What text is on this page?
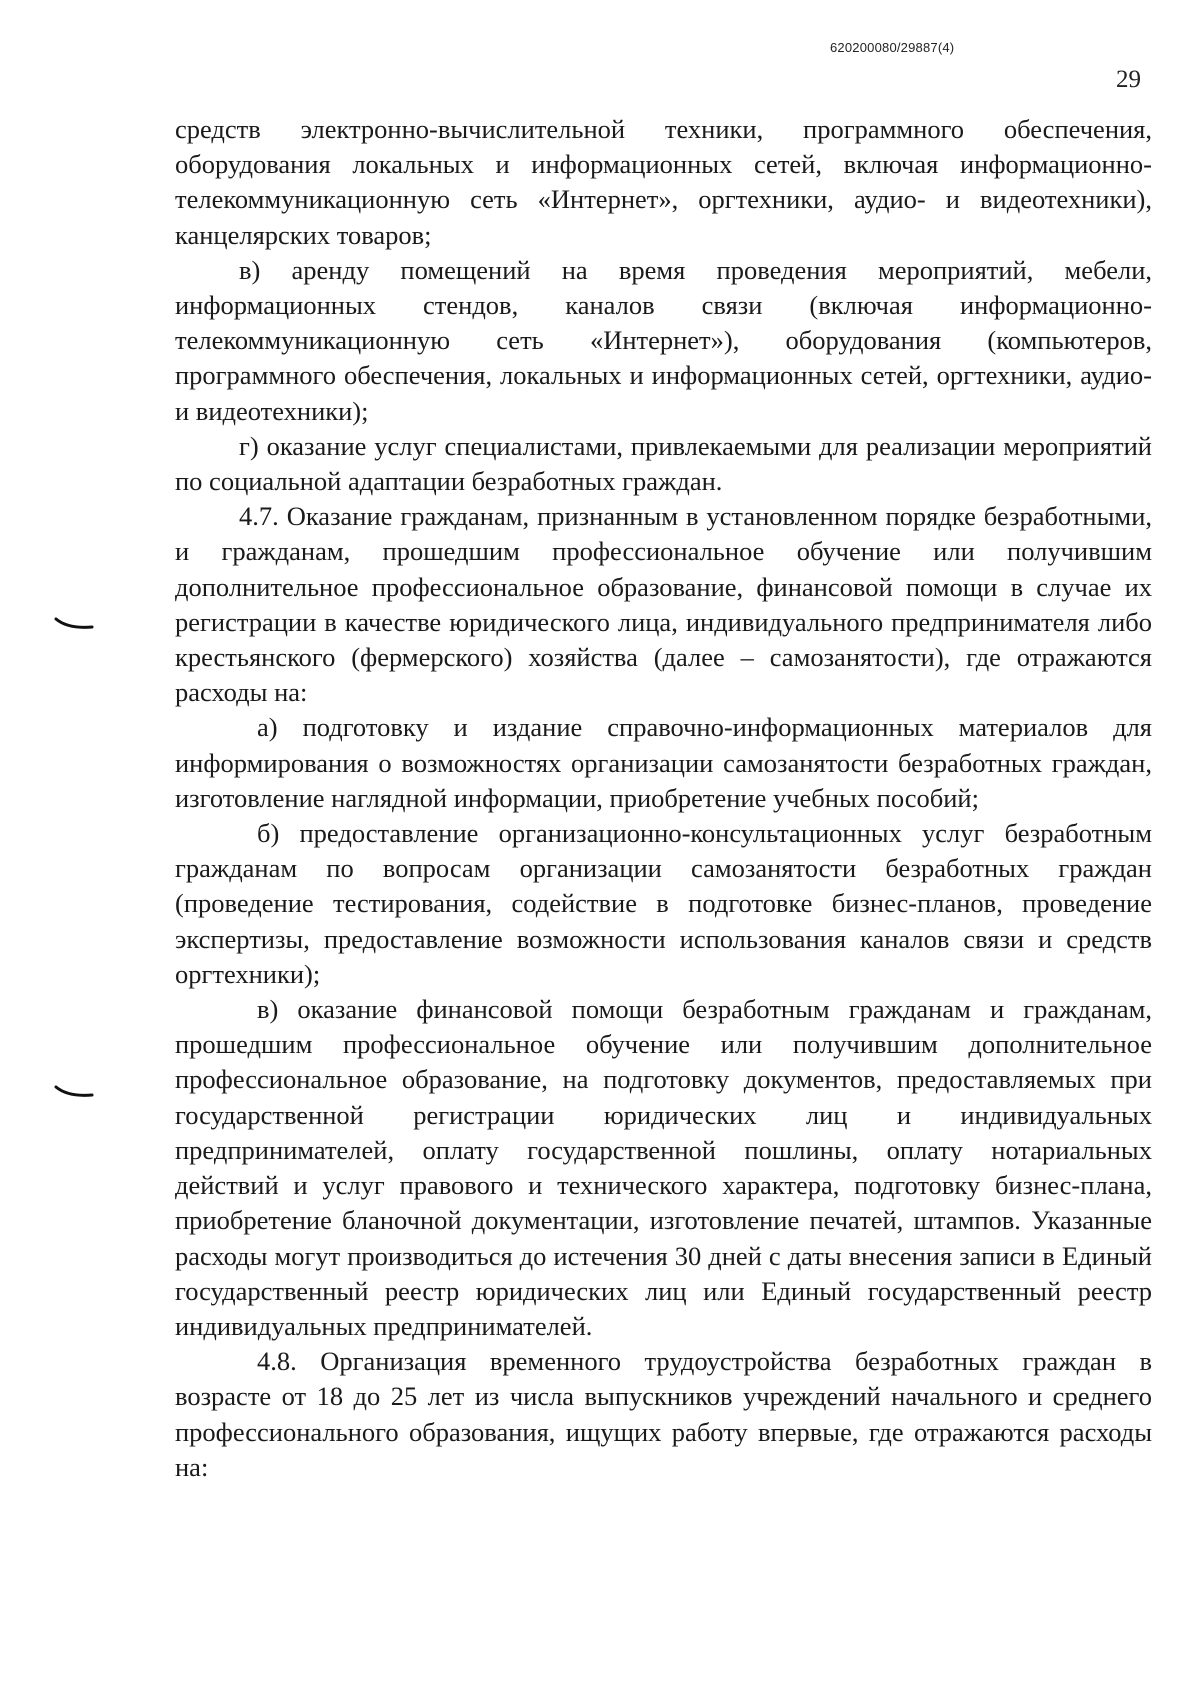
620200080/29887(4)
29

средств электронно-вычислительной техники, программного обеспечения, оборудования локальных и информационных сетей, включая информационно-телекоммуникационную сеть «Интернет», оргтехники, аудио- и видеотехники), канцелярских товаров;

в) аренду помещений на время проведения мероприятий, мебели, информационных стендов, каналов связи (включая информационно-телекоммуникационную сеть «Интернет»), оборудования (компьютеров, программного обеспечения, локальных и информационных сетей, оргтехники, аудио- и видеотехники);

г) оказание услуг специалистами, привлекаемыми для реализации мероприятий по социальной адаптации безработных граждан.

4.7. Оказание гражданам, признанным в установленном порядке безработными, и гражданам, прошедшим профессиональное обучение или получившим дополнительное профессиональное образование, финансовой помощи в случае их регистрации в качестве юридического лица, индивидуального предпринимателя либо крестьянского (фермерского) хозяйства (далее – самозанятости), где отражаются расходы на:

а) подготовку и издание справочно-информационных материалов для информирования о возможностях организации самозанятости безработных граждан, изготовление наглядной информации, приобретение учебных пособий;

б) предоставление организационно-консультационных услуг безработным гражданам по вопросам организации самозанятости безработных граждан (проведение тестирования, содействие в подготовке бизнес-планов, проведение экспертизы, предоставление возможности использования каналов связи и средств оргтехники);

в) оказание финансовой помощи безработным гражданам и гражданам, прошедшим профессиональное обучение или получившим дополнительное профессиональное образование, на подготовку документов, предоставляемых при государственной регистрации юридических лиц и индивидуальных предпринимателей, оплату государственной пошлины, оплату нотариальных действий и услуг правового и технического характера, подготовку бизнес-плана, приобретение бланочной документации, изготовление печатей, штампов. Указанные расходы могут производиться до истечения 30 дней с даты внесения записи в Единый государственный реестр юридических лиц или Единый государственный реестр индивидуальных предпринимателей.

4.8. Организация временного трудоустройства безработных граждан в возрасте от 18 до 25 лет из числа выпускников учреждений начального и среднего профессионального образования, ищущих работу впервые, где отражаются расходы на:
